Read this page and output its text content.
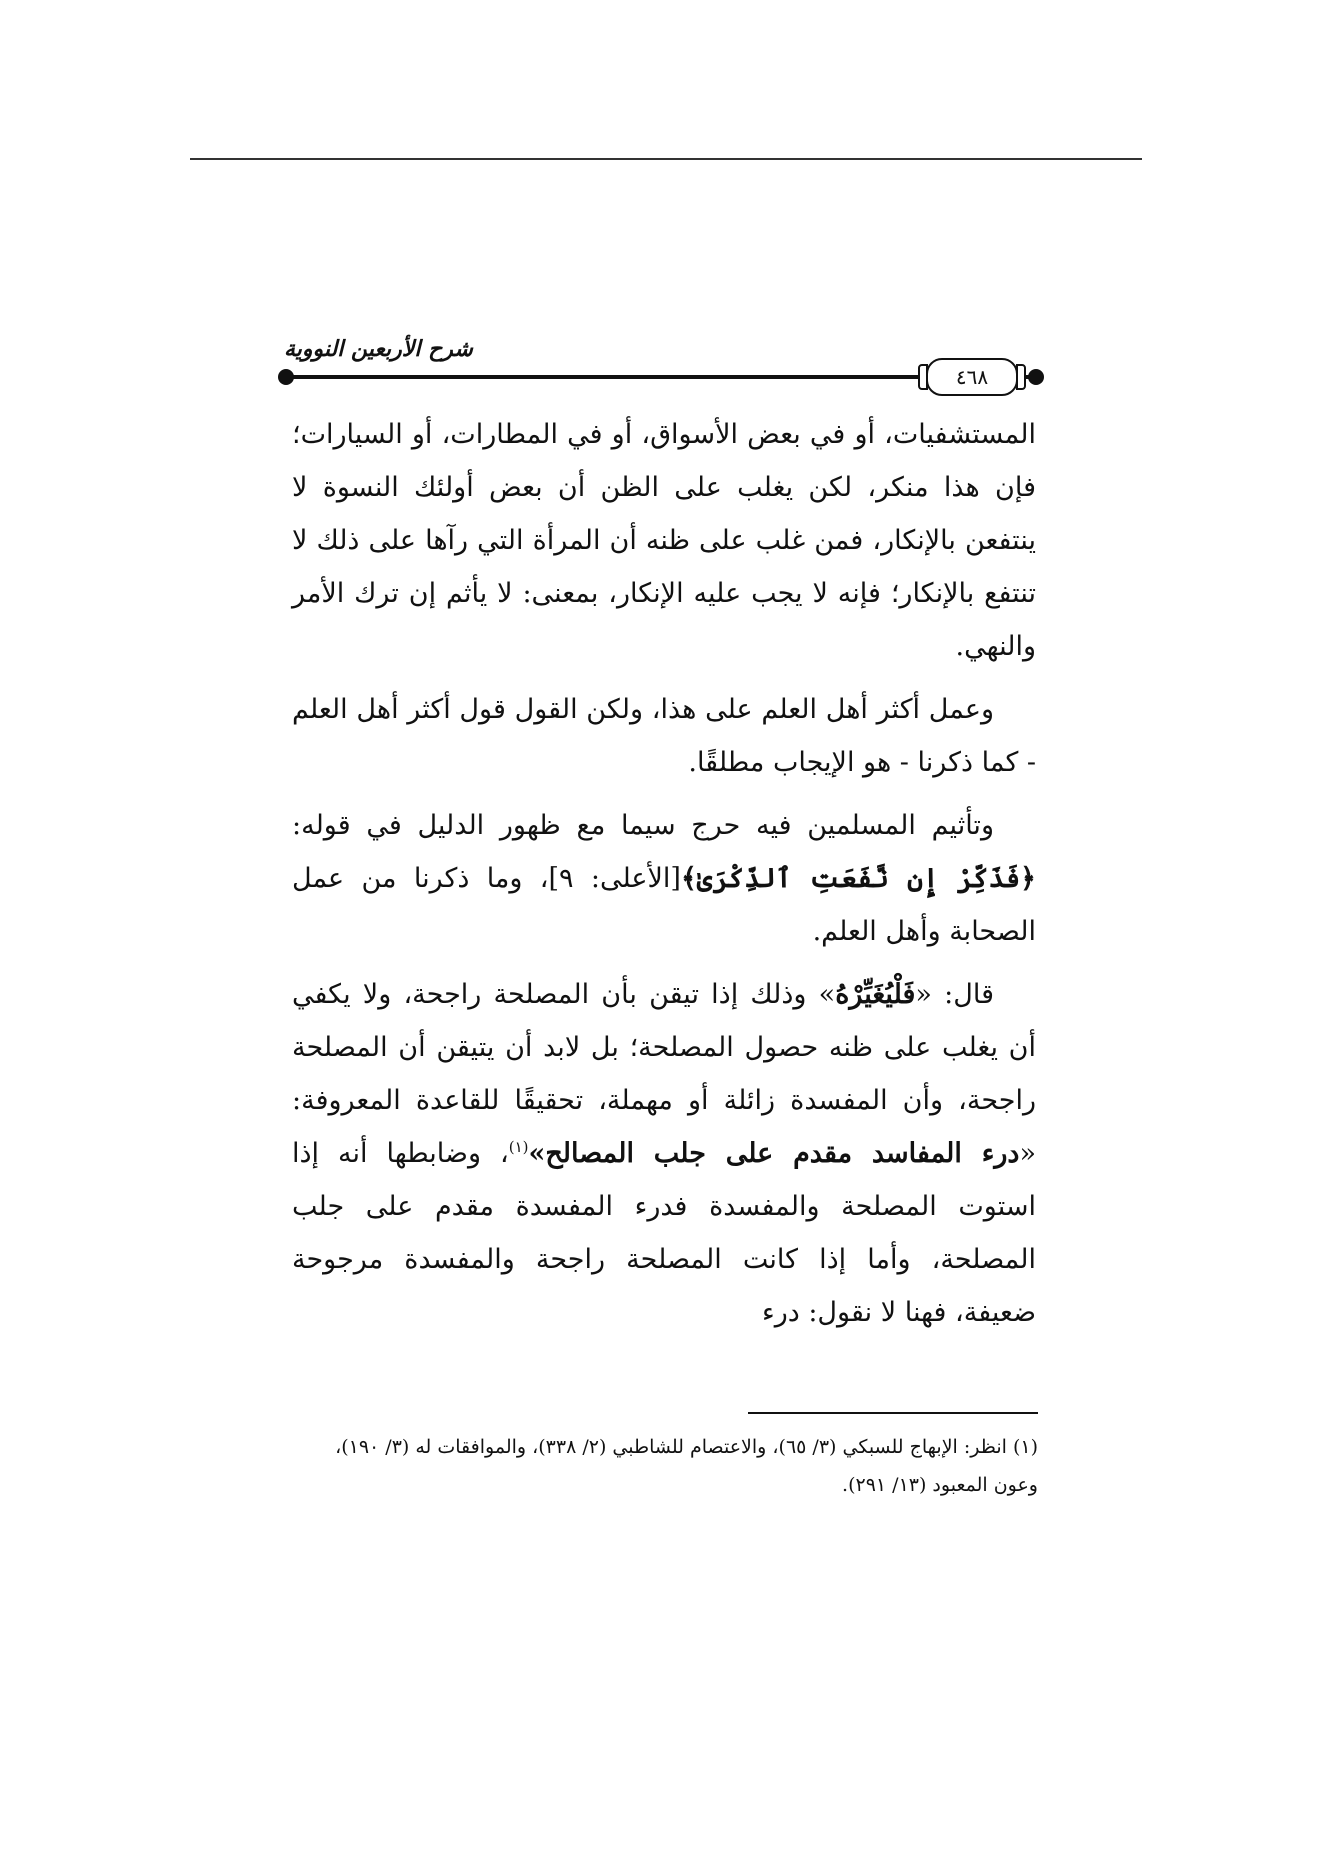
شرح الأربعين النووية
٤٦٨

المستشفيات، أو في بعض الأسواق، أو في المطارات، أو السيارات؛ فإن هذا منكر، لكن يغلب على الظن أن بعض أولئك النسوة لا ينتفعن بالإنكار، فمن غلب على ظنه أن المرأة التي رآها على ذلك لا تنتفع بالإنكار؛ فإنه لا يجب عليه الإنكار، بمعنى: لا يأثم إن ترك الأمر والنهي.

وعمل أكثر أهل العلم على هذا، ولكن القول قول أكثر أهل العلم - كما ذكرنا - هو الإيجاب مطلقًا.

وتأثيم المسلمين فيه حرج سيما مع ظهور الدليل في قوله: ﴿فَذَكِّرْ إِن نَّفَعَتِ ٱلذِّكْرَىٰ﴾[الأعلى: ٩]، وما ذكرنا من عمل الصحابة وأهل العلم.

قال: «فَلْيُغَيِّرْهُ» وذلك إذا تيقن بأن المصلحة راجحة، ولا يكفي أن يغلب على ظنه حصول المصلحة؛ بل لابد أن يتيقن أن المصلحة راجحة، وأن المفسدة زائلة أو مهملة، تحقيقًا للقاعدة المعروفة: «درء المفاسد مقدم على جلب المصالح»$^{(١)}$، وضابطها أنه إذا استوت المصلحة والمفسدة فدرء المفسدة مقدم على جلب المصلحة، وأما إذا كانت المصلحة راجحة والمفسدة مرجوحة ضعيفة، فهنا لا نقول: درء

(١) انظر: الإبهاج للسبكي (٣/ ٦٥)، والاعتصام للشاطبي (٢/ ٣٣٨)، والموافقات له (٣/ ١٩٠)،

وعون المعبود (١٣/ ٢٩١).
